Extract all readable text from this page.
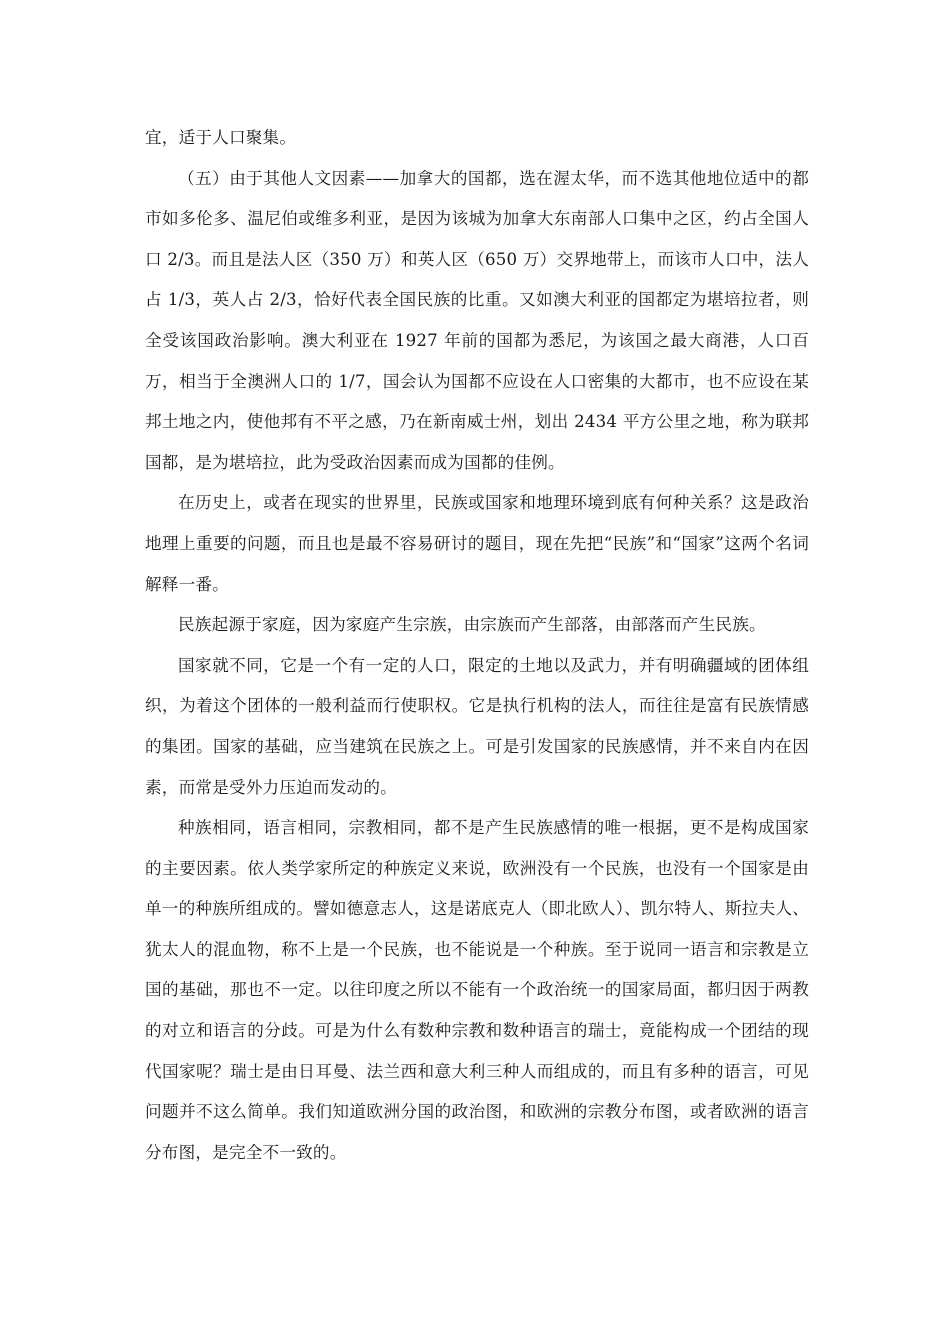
宜，适于人口聚集。

（五）由于其他人文因素——加拿大的国都，选在渥太华，而不选其他地位适中的都市如多伦多、温尼伯或维多利亚，是因为该城为加拿大东南部人口集中之区，约占全国人口 2/3。而且是法人区（350 万）和英人区（650 万）交界地带上，而该市人口中，法人占 1/3，英人占 2/3，恰好代表全国民族的比重。又如澳大利亚的国都定为堪培拉者，则全受该国政治影响。澳大利亚在 1927 年前的国都为悉尼，为该国之最大商港，人口百万，相当于全澳洲人口的 1/7，国会认为国都不应设在人口密集的大都市，也不应设在某邦土地之内，使他邦有不平之感，乃在新南威士州，划出 2434 平方公里之地，称为联邦国都，是为堪培拉，此为受政治因素而成为国都的佳例。

在历史上，或者在现实的世界里，民族或国家和地理环境到底有何种关系？这是政治地理上重要的问题，而且也是最不容易研讨的题目，现在先把“民族”和“国家”这两个名词解释一番。

民族起源于家庭，因为家庭产生宗族，由宗族而产生部落，由部落而产生民族。

国家就不同，它是一个有一定的人口，限定的土地以及武力，并有明确疆域的团体组织，为着这个团体的一般利益而行使职权。它是执行机构的法人，而往往是富有民族情感的集团。国家的基础，应当建筑在民族之上。可是引发国家的民族感情，并不来自内在因素，而常是受外力压迫而发动的。

种族相同，语言相同，宗教相同，都不是产生民族感情的唯一根据，更不是构成国家的主要因素。依人类学家所定的种族定义来说，欧洲没有一个民族，也没有一个国家是由单一的种族所组成的。譬如德意志人，这是诺底克人（即北欧人）、凯尔特人、斯拉夫人、犹太人的混血物，称不上是一个民族，也不能说是一个种族。至于说同一语言和宗教是立国的基础，那也不一定。以往印度之所以不能有一个政治统一的国家局面，都归因于两教的对立和语言的分歧。可是为什么有数种宗教和数种语言的瑞士，竟能构成一个团结的现代国家呢？瑞士是由日耳曼、法兰西和意大利三种人而组成的，而且有多种的语言，可见问题并不这么简单。我们知道欧洲分国的政治图，和欧洲的宗教分布图，或者欧洲的语言分布图，是完全不一致的。
